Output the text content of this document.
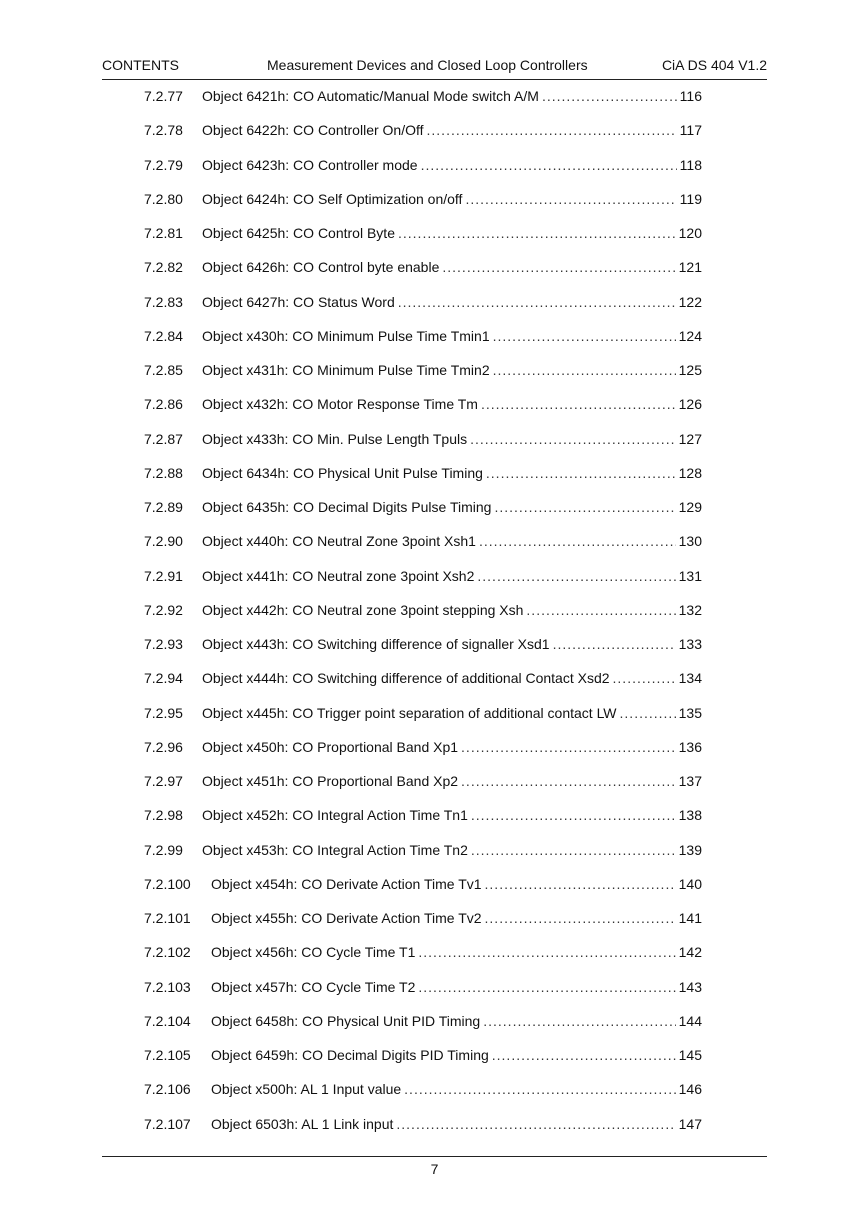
CONTENTS	Measurement Devices and Closed Loop Controllers	CiA DS 404 V1.2
7.2.77 Object 6421h: CO Automatic/Manual Mode switch A/M .....	116
7.2.78 Object 6422h: CO Controller On/Off .....	117
7.2.79 Object 6423h: CO Controller mode .....	118
7.2.80 Object 6424h: CO Self Optimization on/off .....	119
7.2.81 Object 6425h: CO Control Byte .....	120
7.2.82 Object 6426h: CO Control byte enable .....	121
7.2.83 Object 6427h: CO Status Word .....	122
7.2.84 Object x430h: CO Minimum Pulse Time Tmin1 .....	124
7.2.85 Object x431h: CO Minimum Pulse Time Tmin2 .....	125
7.2.86 Object x432h: CO Motor Response Time Tm .....	126
7.2.87 Object x433h: CO Min. Pulse Length Tpuls .....	127
7.2.88 Object 6434h: CO Physical Unit Pulse Timing .....	128
7.2.89 Object 6435h: CO Decimal Digits Pulse Timing .....	129
7.2.90 Object x440h: CO Neutral Zone 3point Xsh1 .....	130
7.2.91 Object x441h: CO Neutral zone 3point Xsh2 .....	131
7.2.92 Object x442h: CO Neutral zone 3point stepping Xsh .....	132
7.2.93 Object x443h: CO Switching difference of signaller Xsd1 .....	133
7.2.94 Object x444h: CO Switching difference of additional Contact Xsd2 .....	134
7.2.95 Object x445h: CO Trigger point separation of additional contact LW .....	135
7.2.96 Object x450h: CO Proportional Band Xp1 .....	136
7.2.97 Object x451h: CO Proportional Band Xp2 .....	137
7.2.98 Object x452h: CO Integral Action Time Tn1 .....	138
7.2.99 Object x453h: CO Integral Action Time Tn2 .....	139
7.2.100 Object x454h: CO Derivate Action Time Tv1 .....	140
7.2.101 Object x455h: CO Derivate Action Time Tv2 .....	141
7.2.102 Object x456h: CO Cycle Time T1 .....	142
7.2.103 Object x457h: CO Cycle Time T2 .....	143
7.2.104 Object 6458h: CO Physical Unit PID Timing .....	144
7.2.105 Object 6459h: CO Decimal Digits PID Timing .....	145
7.2.106 Object x500h: AL 1 Input value .....	146
7.2.107 Object 6503h: AL 1 Link input .....	147
7
